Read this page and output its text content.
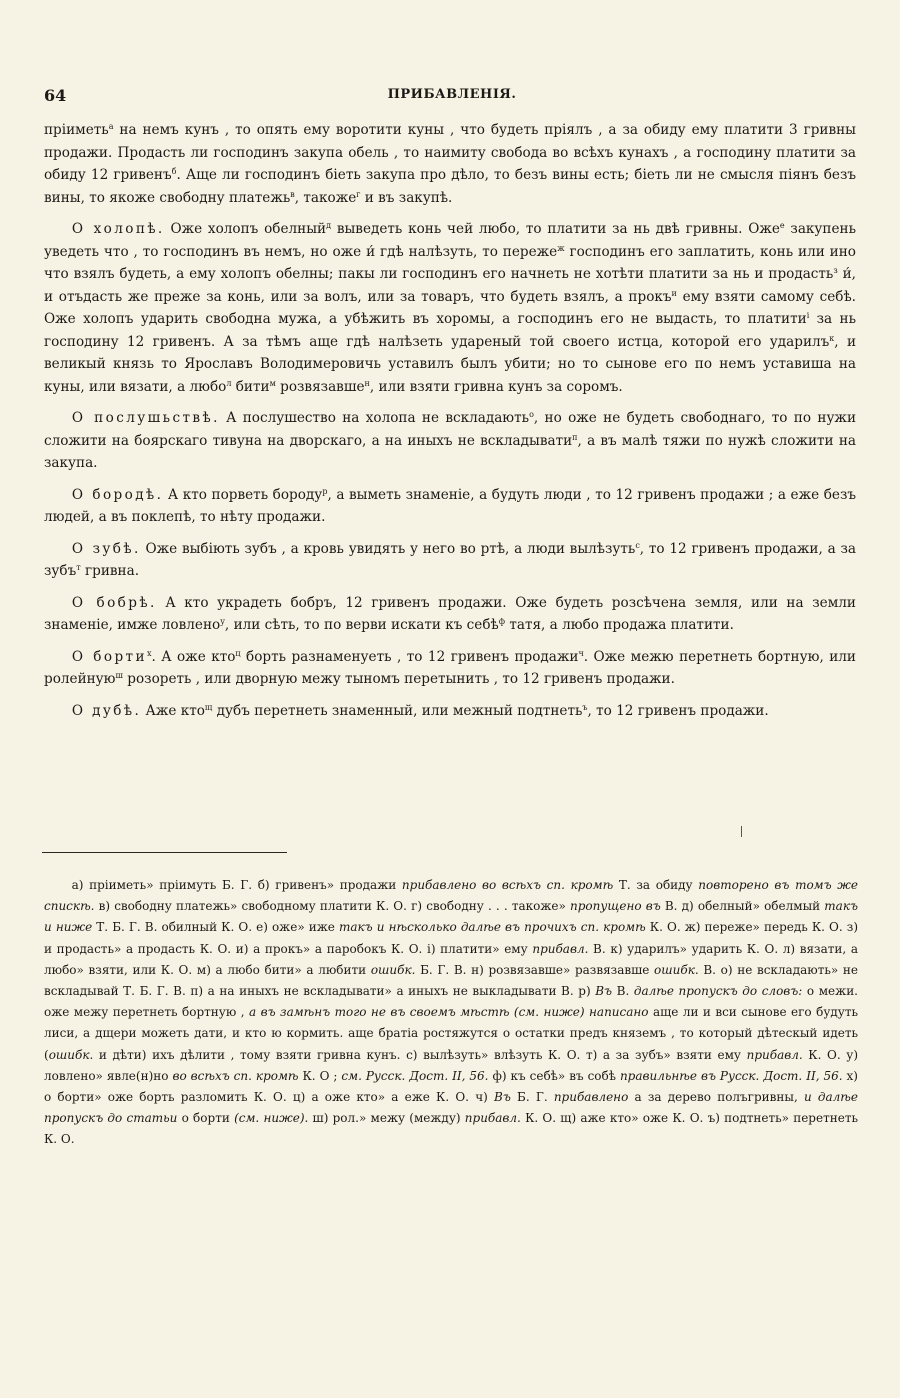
64	ПРИБАВЛЕНІЯ.

пріиметь$^а$ на немъ кунъ , то опять ему воротити куны , что будеть пріялъ , а за обиду ему платити 3 гривны продажи. Продасть ли господинъ закупа обель , то наимиту свобода во всѣхъ кунахъ , а господину платити за обиду 12 гривенъ$^б$. Аще ли господинъ біеть закупа про дѣло, то безъ вины есть; біеть ли не смысля піянъ безъ вины, то якоже свободну платежь$^в$, такоже$^г$ и въ закупѣ.

О холопѣ. Оже холопъ обелный$^д$ выведеть конь чей любо, то платити за нь двѣ гривны. Оже$^е$ закупень уведеть что , то господинъ въ немъ, но оже и́ гдѣ налѣзуть, то переже$^ж$ господинъ его заплатить, конь или ино что взялъ будеть, а ему холопъ обелны; пакы ли господинъ его начнеть не хотѣти платити за нь и продасть$^з$ и́, и отъдасть же преже за конь, или за волъ, или за товаръ, что будеть взялъ, а прокъ$^и$ ему взяти самому себѣ. Оже холопъ ударить свободна мужа, а убѣжить въ хоромы, а господинъ его не выдасть, то платити$^і$ за нь господину 12 гривенъ. А за тѣмъ аще гдѣ налѣзеть удареный той своего истца, которой его ударилъ$^к$, и великый князь то Ярославъ Володимеровичь уставилъ былъ убити; но то сынове его по немъ уставиша на куны, или вязати, а любо$^л$ бити$^м$ розвязавше$^н$, или взяти гривна кунъ за соромъ.

О послушьствѣ. А послушество на холопа не вскладають$^о$, но оже не будеть свободнаго, то по нужи сложити на боярскаго тивуна на дворскаго, а на иныхъ не вскладывати$^п$, а въ малѣ тяжи по нужѣ сложити на закупа.

О бородѣ. А кто порветь бороду$^р$, а выметь знаменіе, а будуть люди , то 12 гривенъ продажи ; а еже безъ людей, а въ поклепѣ, то нѣту продажи.

О зубѣ. Оже выбіють зубъ , а кровь увидять у него во ртѣ, а люди вылѣзуть$^с$, то 12 гривенъ продажи, а за зубъ$^т$ гривна.

О бобрѣ. А кто украдеть бобръ, 12 гривенъ продажи. Оже будеть розсѣчена земля, или на земли знаменіе, имже ловлено$^у$, или сѣть, то по верви искати къ себѣ$^ф$ татя, а любо продажа платити.

О борти$^х$. А оже кто$^ц$ борть разнаменуеть , то 12 гривенъ продажи$^ч$. Оже межю перетнеть бортную, или ролейную$^ш$ розореть , или дворную межу тыномъ перетынить , то 12 гривенъ продажи.

О дубѣ. Аже кто$^щ$ дубъ перетнеть знаменный, или межный подтнеть$^ъ$, то 12 гривенъ продажи.

а) пріиметь» пріимуть Б. Г. б) гривенъ» продажи прибавлено во всѣхъ сп. кромѣ Т. за обиду повторено въ томъ же спискѣ. в) свободну платежь» свободному платити К. О. г) свободну . . . такоже» пропущено въ В. д) обелный» обелмый такъ и ниже Т. Б. Г. В. обилный К. О. е) оже» иже такъ и нѣсколько далѣе въ прочихъ сп. кромѣ К. О. ж) переже» передь К. О. з) и продасть» а продасть К. О. и) а прокъ» а паробокъ К. О. і) платити» ему прибавл. В. к) ударилъ» ударить К. О. л) вязати, а любо» взяти, или К. О. м) а любо бити» а любити ошибк. Б. Г. В. н) розвязавше» развязавше ошибк. В. о) не вскладають» не вскладывай Т. Б. Г. В. п) а на иныхъ не вскладывати» а иныхъ не выкладывати В. р) Въ В. далѣе пропускъ до словъ: о межи. оже межу перетнеть бортную , а въ замѣнъ того не въ своемъ мѣстѣ (см. ниже) написано аще ли и вси сынове его будуть лиси, а дщери можеть дати, и кто ю кормить. аще братіа ростяжутся о остатки предъ княземъ , то который дѣтескый идеть (ошибк. и дѣти) ихъ дѣлити , тому взяти гривна кунъ. с) вылѣзуть» влѣзуть К. О. т) а за зубъ» взяти ему прибавл. К. О. у) ловлено» явле(н)но во всѣхъ сп. кромѣ К. О ; см. Русск. Дост. II, 56. ф) къ себѣ» въ собѣ правильнѣе въ Русск. Дост. II, 56. х) о борти» оже борть разломить К. О. ц) а оже кто» а еже К. О. ч) Въ Б. Г. прибавлено а за дерево полъгривны, и далѣе пропускъ до статьи о борти (см. ниже). ш) рол.» межу (между) прибавл. К. О. щ) аже кто» оже К. О. ъ) подтнеть» перетнеть К. О.
